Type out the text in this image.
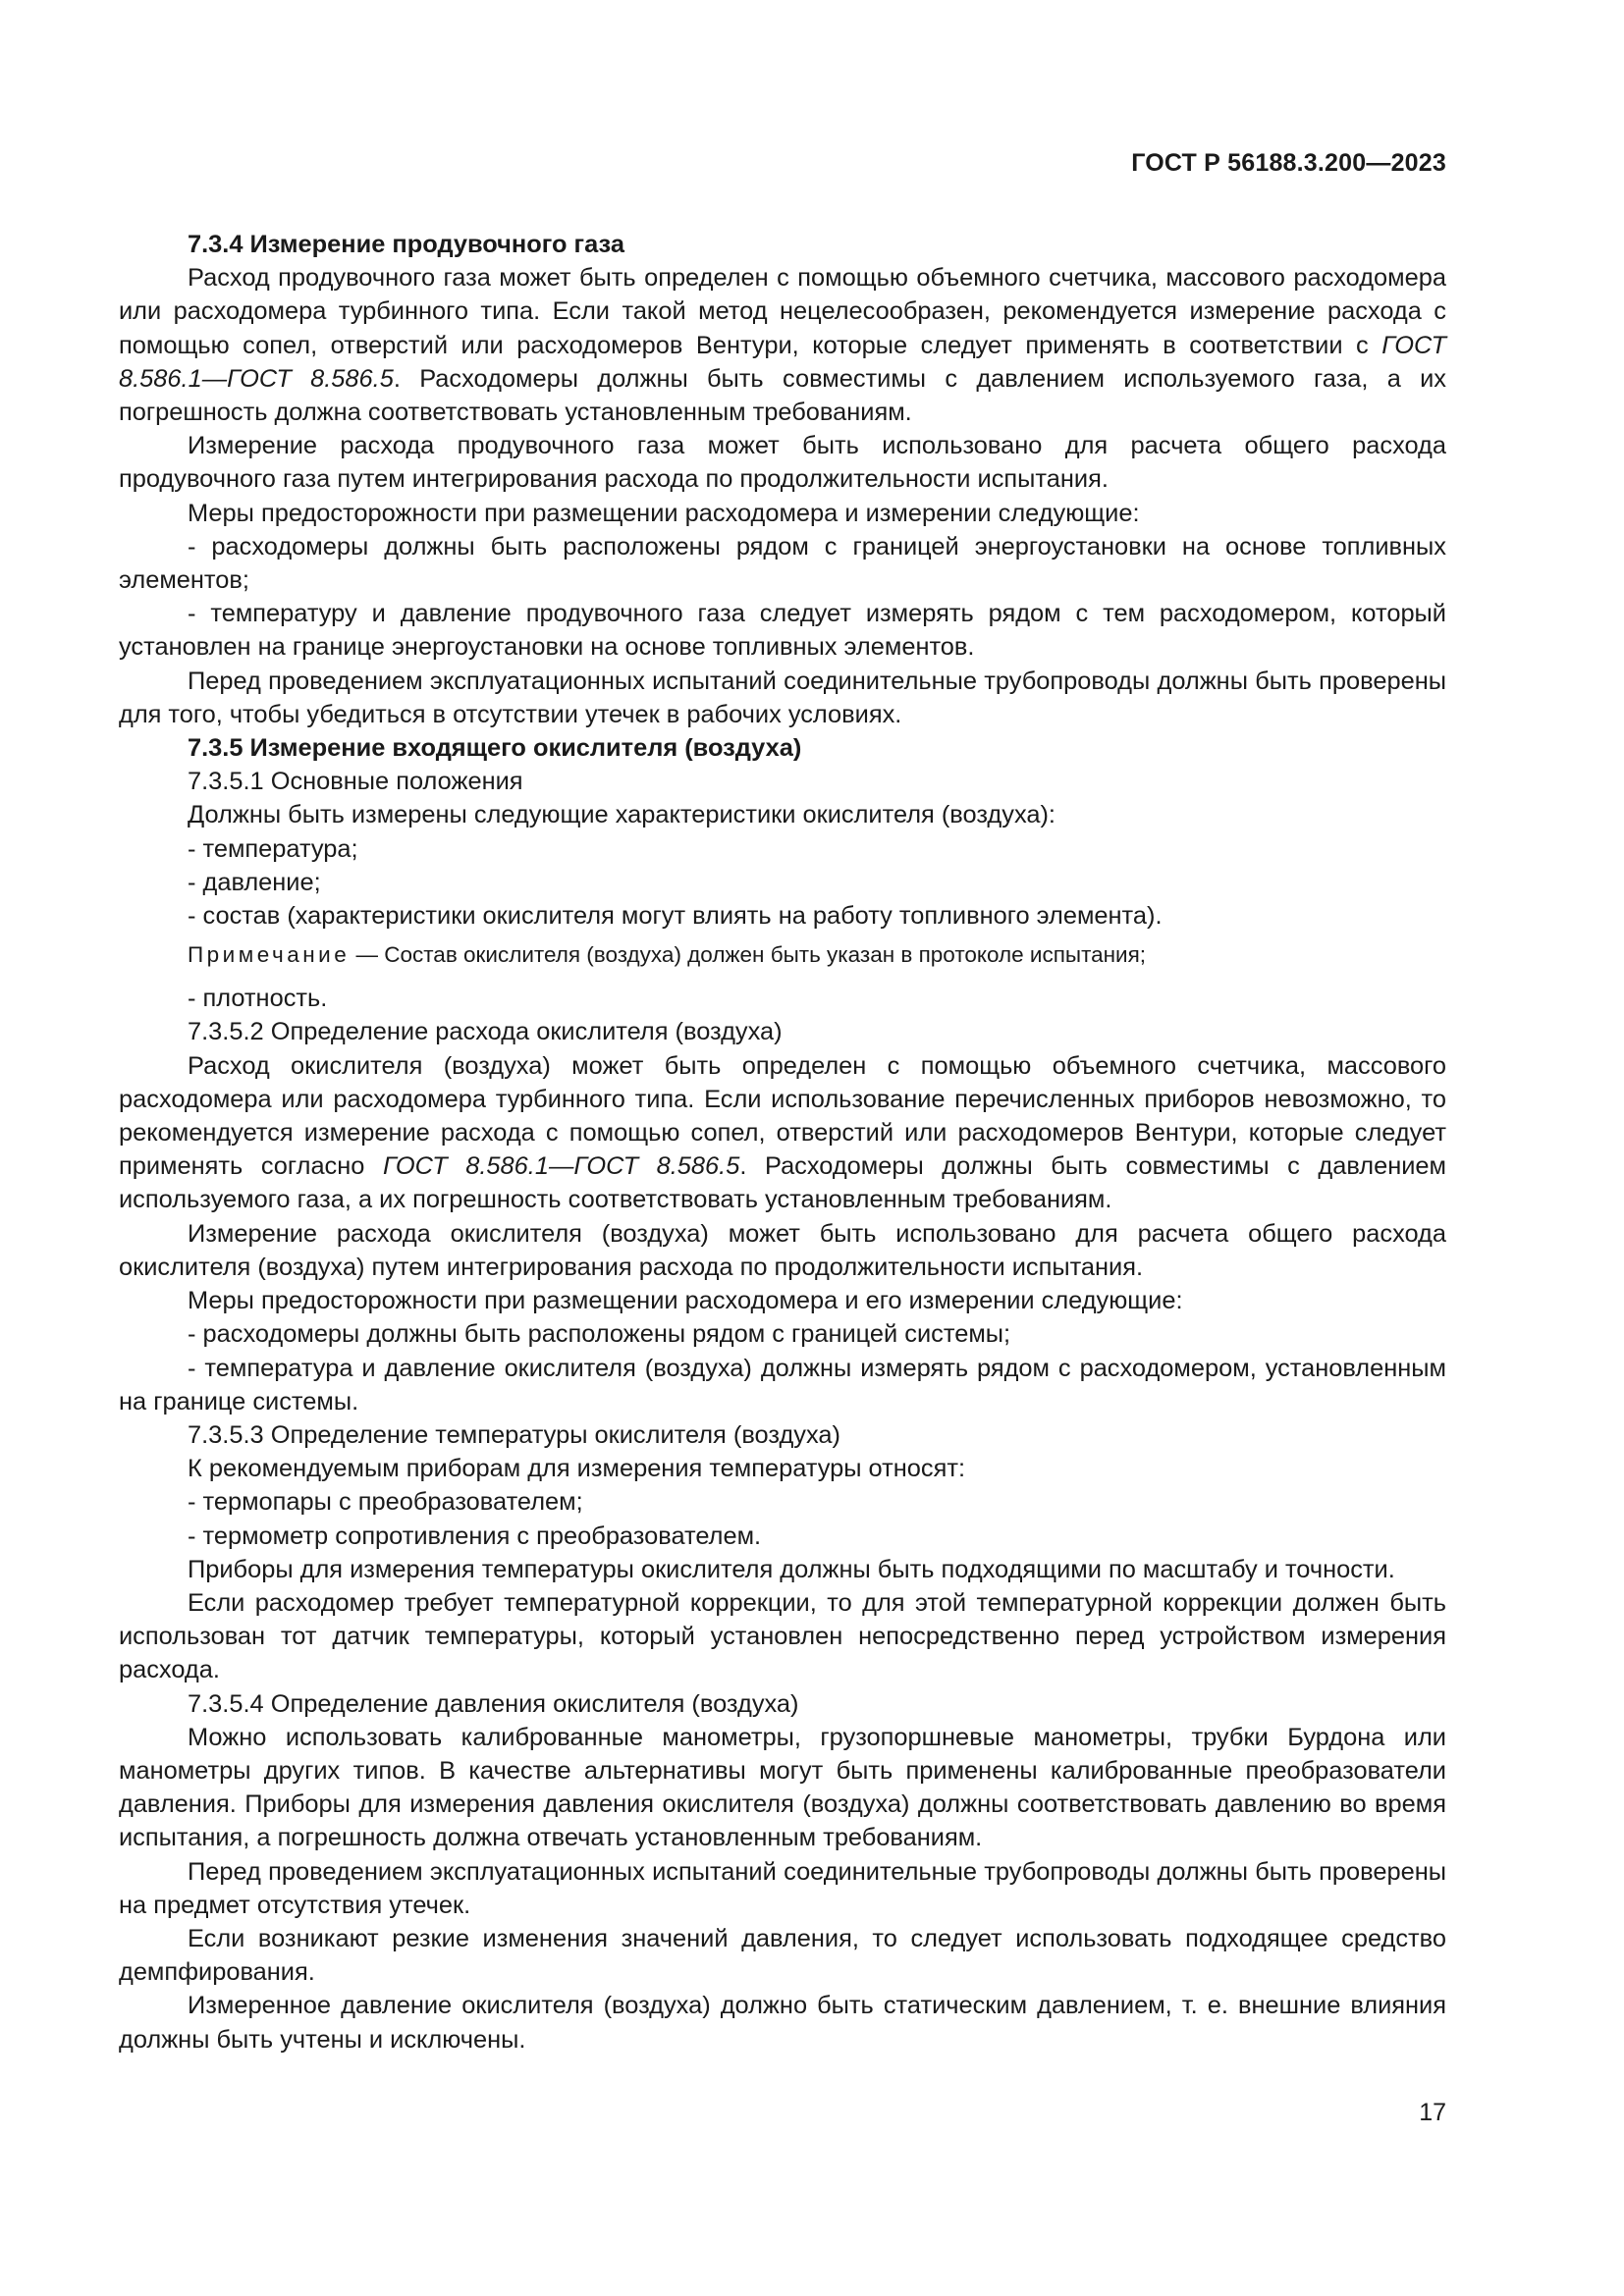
ГОСТ Р 56188.3.200—2023
7.3.4 Измерение продувочного газа

Расход продувочного газа может быть определен с помощью объемного счетчика, массового расходомера или расходомера турбинного типа. Если такой метод нецелесообразен, рекомендуется измерение расхода с помощью сопел, отверстий или расходомеров Вентури, которые следует применять в соответствии с ГОСТ 8.586.1—ГОСТ 8.586.5. Расходомеры должны быть совместимы с давлением используемого газа, а их погрешность должна соответствовать установленным требованиям.

Измерение расхода продувочного газа может быть использовано для расчета общего расхода продувочного газа путем интегрирования расхода по продолжительности испытания.

Меры предосторожности при размещении расходомера и измерении следующие:

- расходомеры должны быть расположены рядом с границей энергоустановки на основе топливных элементов;

- температуру и давление продувочного газа следует измерять рядом с тем расходомером, который установлен на границе энергоустановки на основе топливных элементов.

Перед проведением эксплуатационных испытаний соединительные трубопроводы должны быть проверены для того, чтобы убедиться в отсутствии утечек в рабочих условиях.

7.3.5 Измерение входящего окислителя (воздуха)

7.3.5.1 Основные положения

Должны быть измерены следующие характеристики окислителя (воздуха):

- температура;

- давление;

- состав (характеристики окислителя могут влиять на работу топливного элемента).

Примечание — Состав окислителя (воздуха) должен быть указан в протоколе испытания;

- плотность.

7.3.5.2 Определение расхода окислителя (воздуха)

Расход окислителя (воздуха) может быть определен с помощью объемного счетчика, массового расходомера или расходомера турбинного типа. Если использование перечисленных приборов невозможно, то рекомендуется измерение расхода с помощью сопел, отверстий или расходомеров Вентури, которые следует применять согласно ГОСТ 8.586.1—ГОСТ 8.586.5. Расходомеры должны быть совместимы с давлением используемого газа, а их погрешность соответствовать установленным требованиям.

Измерение расхода окислителя (воздуха) может быть использовано для расчета общего расхода окислителя (воздуха) путем интегрирования расхода по продолжительности испытания.

Меры предосторожности при размещении расходомера и его измерении следующие:

- расходомеры должны быть расположены рядом с границей системы;

- температура и давление окислителя (воздуха) должны измерять рядом с расходомером, установленным на границе системы.

7.3.5.3 Определение температуры окислителя (воздуха)

К рекомендуемым приборам для измерения температуры относят:

- термопары с преобразователем;

- термометр сопротивления с преобразователем.

Приборы для измерения температуры окислителя должны быть подходящими по масштабу и точности.

Если расходомер требует температурной коррекции, то для этой температурной коррекции должен быть использован тот датчик температуры, который установлен непосредственно перед устройством измерения расхода.

7.3.5.4 Определение давления окислителя (воздуха)

Можно использовать калиброванные манометры, грузопоршневые манометры, трубки Бурдона или манометры других типов. В качестве альтернативы могут быть применены калиброванные преобразователи давления. Приборы для измерения давления окислителя (воздуха) должны соответствовать давлению во время испытания, а погрешность должна отвечать установленным требованиям.

Перед проведением эксплуатационных испытаний соединительные трубопроводы должны быть проверены на предмет отсутствия утечек.

Если возникают резкие изменения значений давления, то следует использовать подходящее средство демпфирования.

Измеренное давление окислителя (воздуха) должно быть статическим давлением, т. е. внешние влияния должны быть учтены и исключены.

17
